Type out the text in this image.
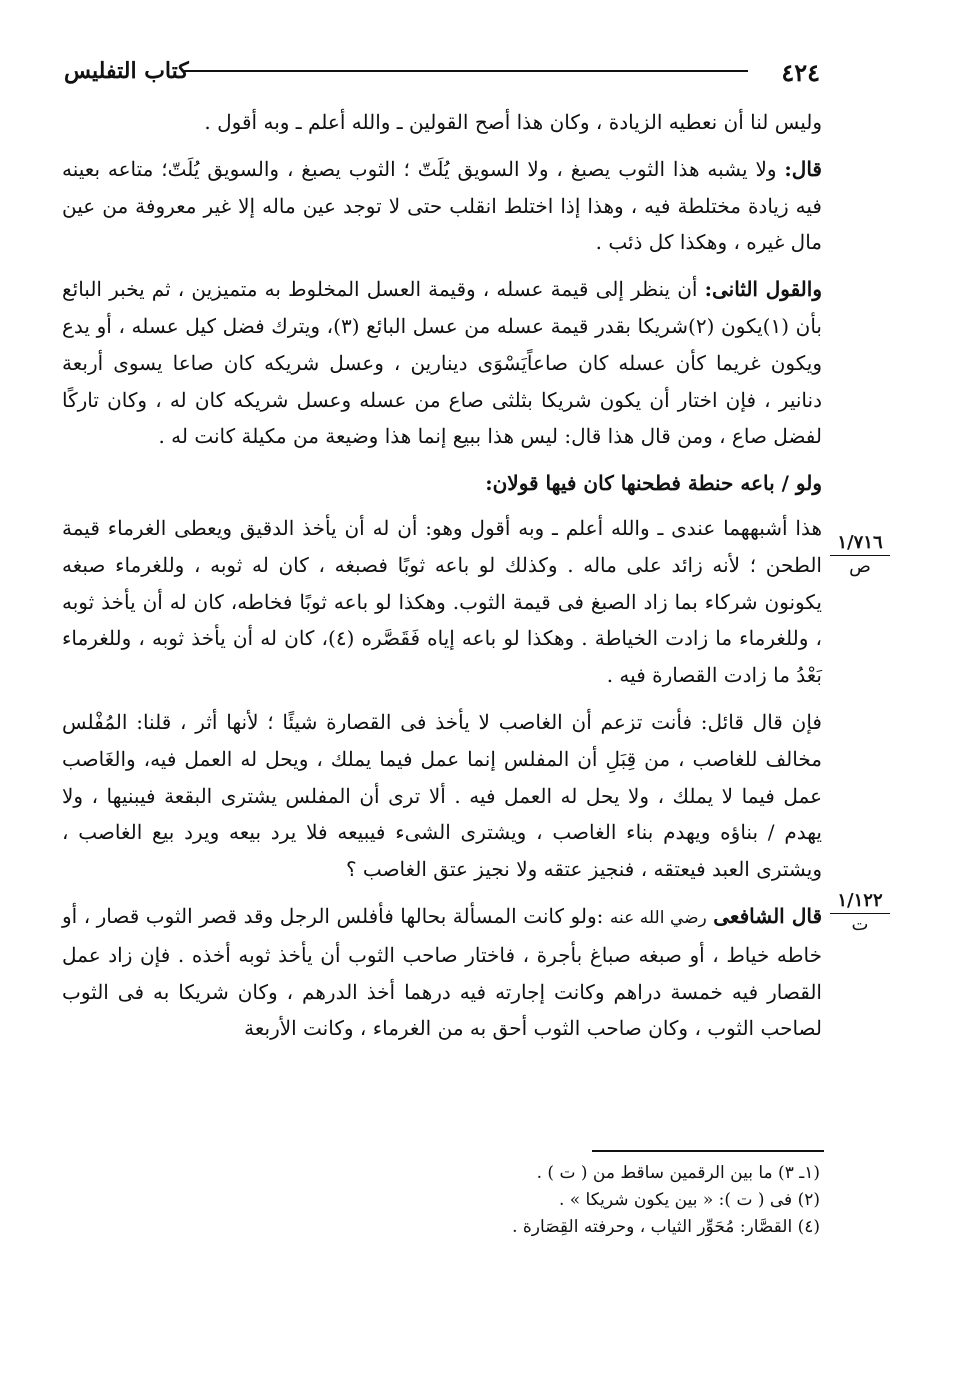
٤٢٤
كتاب التفليس

وليس لنا أن نعطيه الزيادة ، وكان هذا أصح القولين ـ والله أعلم ـ وبه أقول .

قال: ولا يشبه هذا الثوب يصبغ ، ولا السويق يُلَتّ ؛ الثوب يصبغ ، والسويق يُلَتّ؛ متاعه بعينه فيه زيادة مختلطة فيه ، وهذا إذا اختلط انقلب حتى لا توجد عين ماله إلا غير معروفة من عين مال غيره ، وهكذا كل ذئب .

والقول الثانى: أن ينظر إلى قيمة عسله ، وقيمة العسل المخلوط به متميزين ، ثم يخبر البائع بأن (١)يكون (٢)شريكا بقدر قيمة عسله من عسل البائع (٣)، ويترك فضل كيل عسله ، أو يدع ويكون غريما كأن عسله كان صاعاًيَسْوَى دينارين ، وعسل شريكه كان صاعا يسوى أربعة دنانير ، فإن اختار أن يكون شريكا بثلثى صاع من عسله وعسل شريكه كان له ، وكان تاركًا لفضل صاع ، ومن قال هذا قال: ليس هذا ببيع إنما هذا وضيعة من مكيلة كانت له .

ولو / باعه حنطة فطحنها كان فيها قولان:

هذا أشبههما عندى ـ والله أعلم ـ وبه أقول وهو: أن له أن يأخذ الدقيق ويعطى الغرماء قيمة الطحن ؛ لأنه زائد على ماله . وكذلك لو باعه ثوبًا فصبغه ، كان له ثوبه ، وللغرماء صبغه يكونون شركاء بما زاد الصبغ فى قيمة الثوب. وهكذا لو باعه ثوبًا فخاطه، كان له أن يأخذ ثوبه ، وللغرماء ما زادت الخياطة . وهكذا لو باعه إياه فَقَصَّره (٤)، كان له أن يأخذ ثوبه ، وللغرماء بَعْدُ ما زادت القصارة فيه .

فإن قال قائل: فأنت تزعم أن الغاصب لا يأخذ فى القصارة شيئًا ؛ لأنها أثر ، قلنا: المُفْلس مخالف للغاصب ، من قِبَلِ أن المفلس إنما عمل فيما يملك ، ويحل له العمل فيه، والغَاصب عمل فيما لا يملك ، ولا يحل له العمل فيه . ألا ترى أن المفلس يشترى البقعة فيبنيها ، ولا يهدم / بناؤه ويهدم بناء الغاصب ، ويشترى الشىء فيبيعه فلا يرد بيعه ويرد بيع الغاصب ، ويشترى العبد فيعتقه ، فنجيز عتقه ولا نجيز عتق الغاصب ؟

قال الشافعى رضي الله عنه :ولو كانت المسألة بحالها فأفلس الرجل وقد قصر الثوب قصار ، أو خاطه خياط ، أو صبغه صباغ بأجرة ، فاختار صاحب الثوب أن يأخذ ثوبه أخذه . فإن زاد عمل القصار فيه خمسة دراهم وكانت إجارته فيه درهما أخذ الدرهم ، وكان شريكا به فى الثوب لصاحب الثوب ، وكان صاحب الثوب أحق به من الغرماء ، وكانت الأربعة

١/٧١٦
ص
١/١٢٢
ت

(١ـ ٣) ما بين الرقمين ساقط من ( ت ) .

(٢) فى ( ت ): « بين يكون شريكا » .

(٤) القصَّار: مُحَوِّر الثياب ، وحرفته القِصَارة .
